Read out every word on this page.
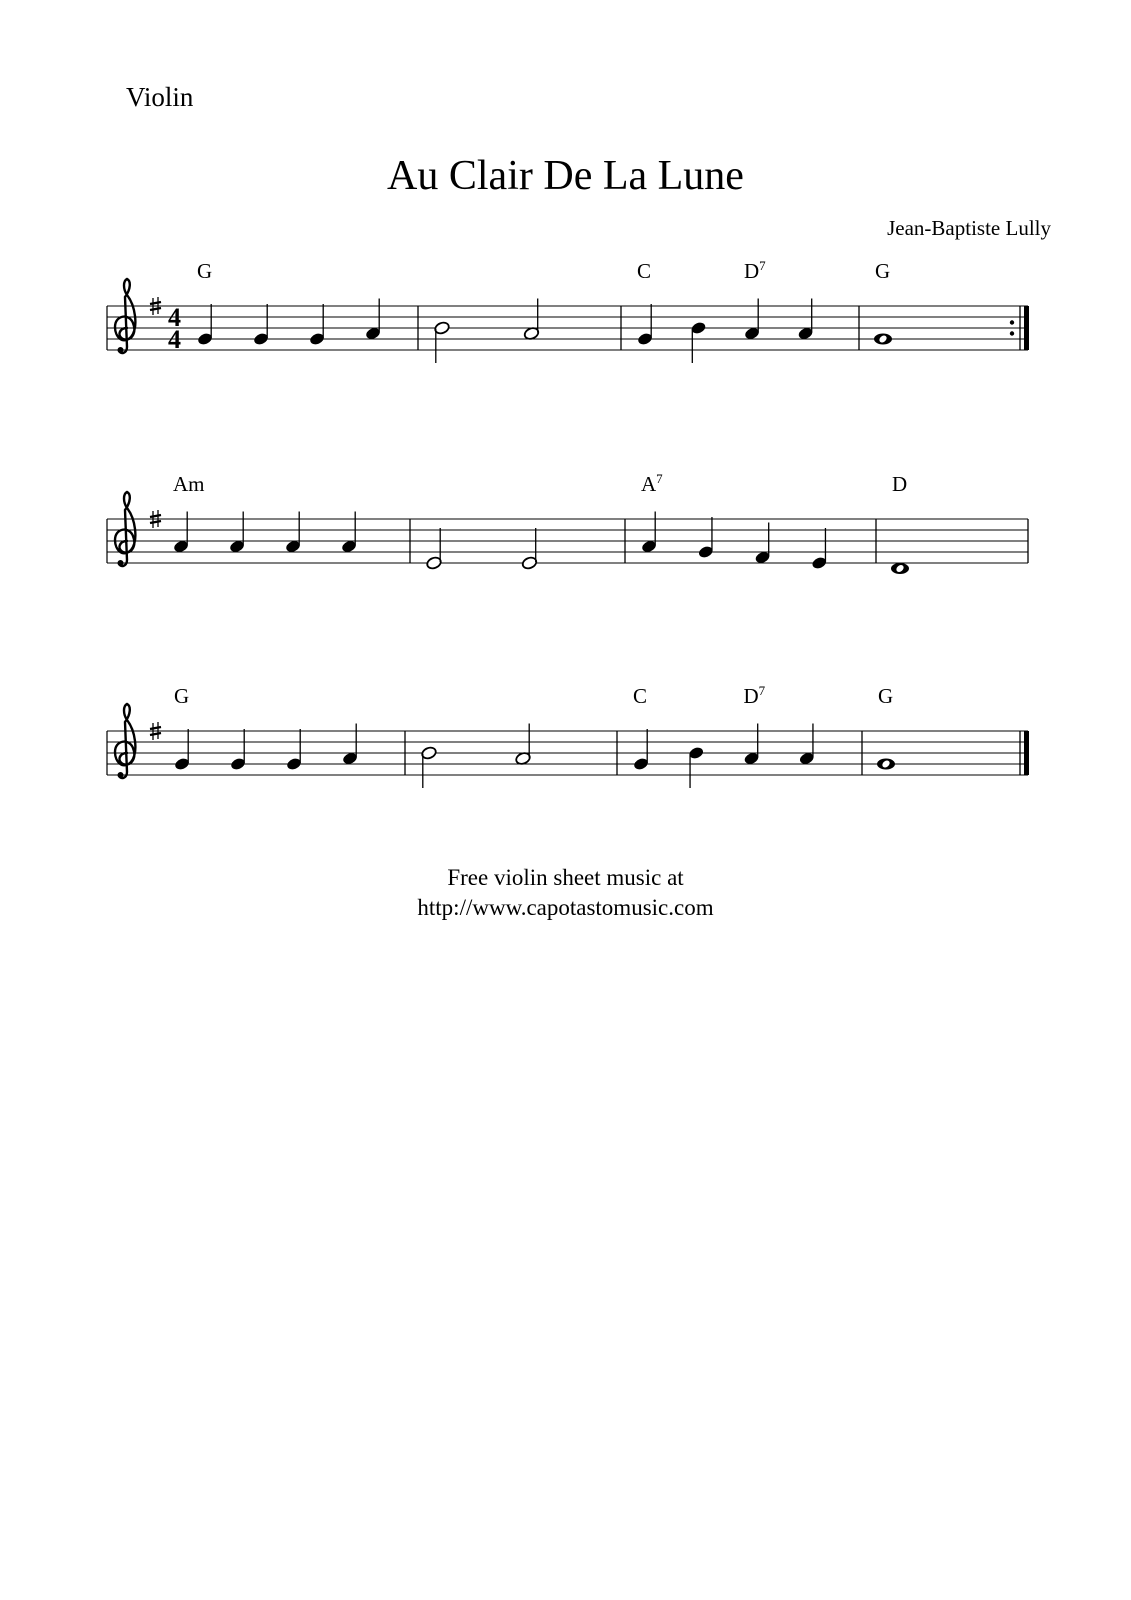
Violin
Au Clair De La Lune
Jean-Baptiste Lully
4
4
G	C	$D^7$	G
Am	$A^7$	D
G	C	$D^7$	G
Free violin sheet music at
http://www.capotastomusic.com
